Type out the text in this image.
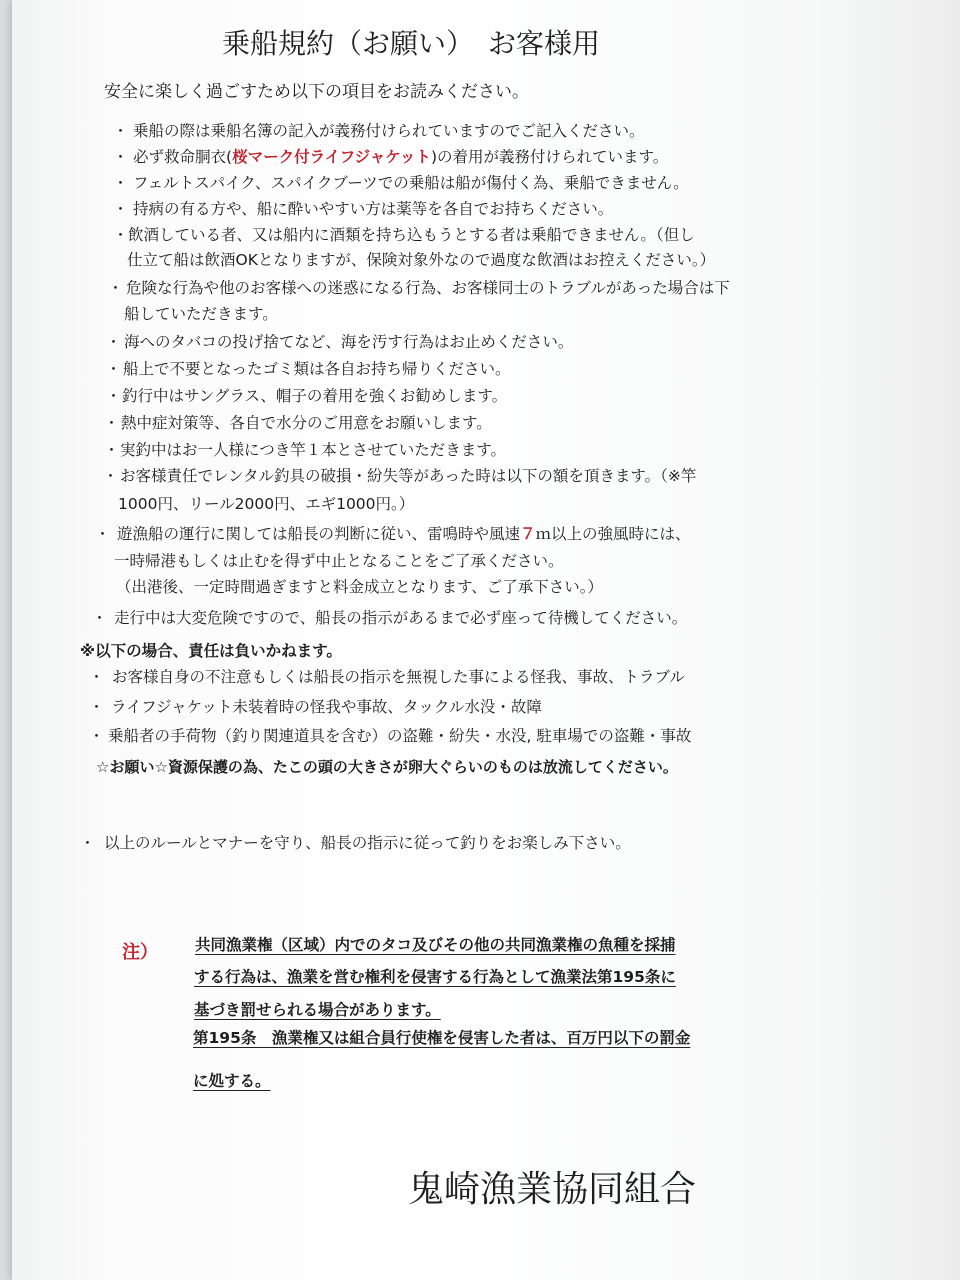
乗船規約（お願い）　お客様用
安全に楽しく過ごすため以下の項目をお読みください。
・ 乗船の際は乗船名簿の記入が義務付けられていますのでご記入ください。
・ 必ず救命胴衣(桜マーク付ライフジャケット)の着用が義務付けられています。
・ フェルトスパイク、スパイクブーツでの乗船は船が傷付く為、乗船できません。
・ 持病の有る方や、船に酔いやすい方は薬等を各自でお持ちください。
・ 飲酒している者、又は船内に酒類を持ち込もうとする者は乗船できません。（但し
仕立て船は飲酒OKとなりますが、保険対象外なので過度な飲酒はお控えください。）
・ 危険な行為や他のお客様への迷惑になる行為、お客様同士のトラブルがあった場合は下
船していただきます。
・ 海へのタバコの投げ捨てなど、海を汚す行為はお止めください。
・ 船上で不要となったゴミ類は各自お持ち帰りください。
・ 釣行中はサングラス、帽子の着用を強くお勧めします。
・ 熱中症対策等、各自で水分のご用意をお願いします。
・ 実釣中はお一人様につき竿１本とさせていただきます。
・ お客様責任でレンタル釣具の破損・紛失等があった時は以下の額を頂きます。（※竿
1000円、リール2000円、エギ1000円。）
・ 遊漁船の運行に関しては船長の判断に従い、雷鳴時や風速７ｍ以上の強風時には、
一時帰港もしくは止むを得ず中止となることをご了承ください。
（出港後、一定時間過ぎますと料金成立となります、ご了承下さい。）
・ 走行中は大変危険ですので、船長の指示があるまで必ず座って待機してください。
※以下の場合、責任は負いかねます。
・ お客様自身の不注意もしくは船長の指示を無視した事による怪我、事故、トラブル
・ ライフジャケット未装着時の怪我や事故、タックル水没・故障
・ 乗船者の手荷物（釣り関連道具を含む）の盗難・紛失・水没, 駐車場での盗難・事故
☆お願い☆資源保護の為、たこの頭の大きさが卵大ぐらいのものは放流してください。
・ 以上のルールとマナーを守り、船長の指示に従って釣りをお楽しみ下さい。
注） 共同漁業権（区域）内でのタコ及びその他の共同漁業権の魚種を採捕
する行為は、漁業を営む権利を侵害する行為として漁業法第195条に
基づき罰せられる場合があります。
第195条　漁業権又は組合員行使権を侵害した者は、百万円以下の罰金
に処する。
鬼崎漁業協同組合
